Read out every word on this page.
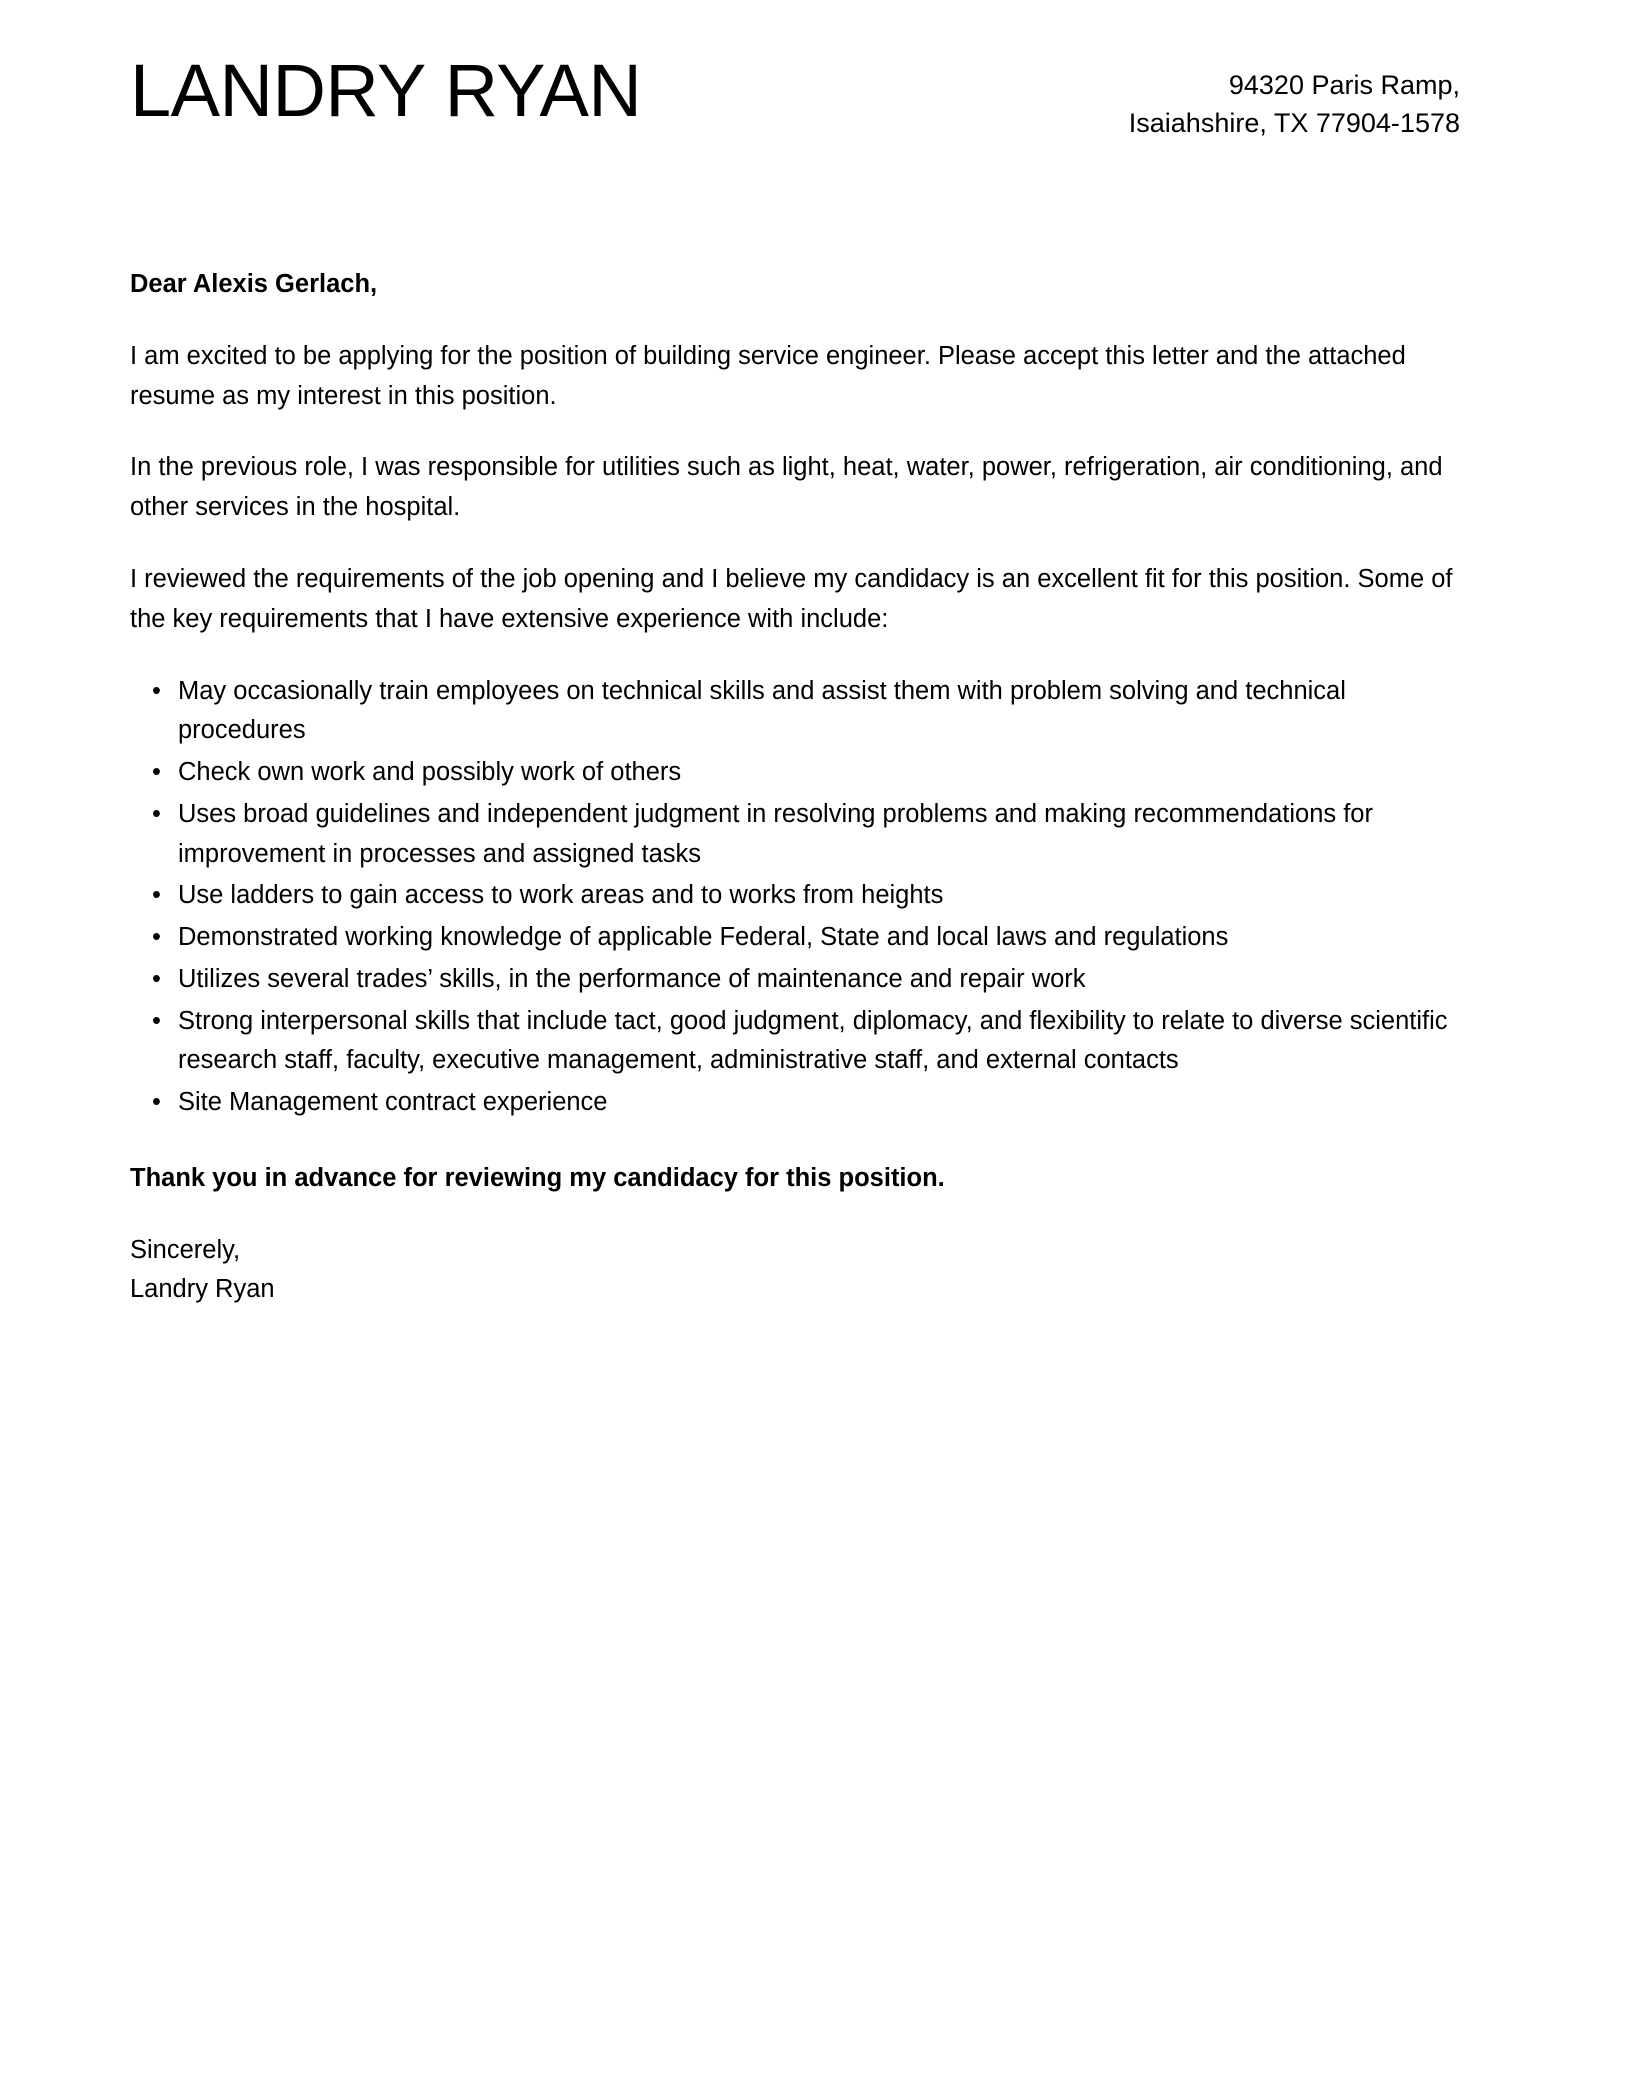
LANDRY RYAN	94320 Paris Ramp,
Isaiahshire, TX 77904-1578

Dear Alexis Gerlach,

I am excited to be applying for the position of building service engineer. Please accept this letter and the attached resume as my interest in this position.

In the previous role, I was responsible for utilities such as light, heat, water, power, refrigeration, air conditioning, and other services in the hospital.

I reviewed the requirements of the job opening and I believe my candidacy is an excellent fit for this position. Some of the key requirements that I have extensive experience with include:

• May occasionally train employees on technical skills and assist them with problem solving and technical procedures
• Check own work and possibly work of others
• Uses broad guidelines and independent judgment in resolving problems and making recommendations for improvement in processes and assigned tasks
• Use ladders to gain access to work areas and to works from heights
• Demonstrated working knowledge of applicable Federal, State and local laws and regulations
• Utilizes several trades’ skills, in the performance of maintenance and repair work
• Strong interpersonal skills that include tact, good judgment, diplomacy, and flexibility to relate to diverse scientific research staff, faculty, executive management, administrative staff, and external contacts
• Site Management contract experience

Thank you in advance for reviewing my candidacy for this position.

Sincerely,
Landry Ryan
